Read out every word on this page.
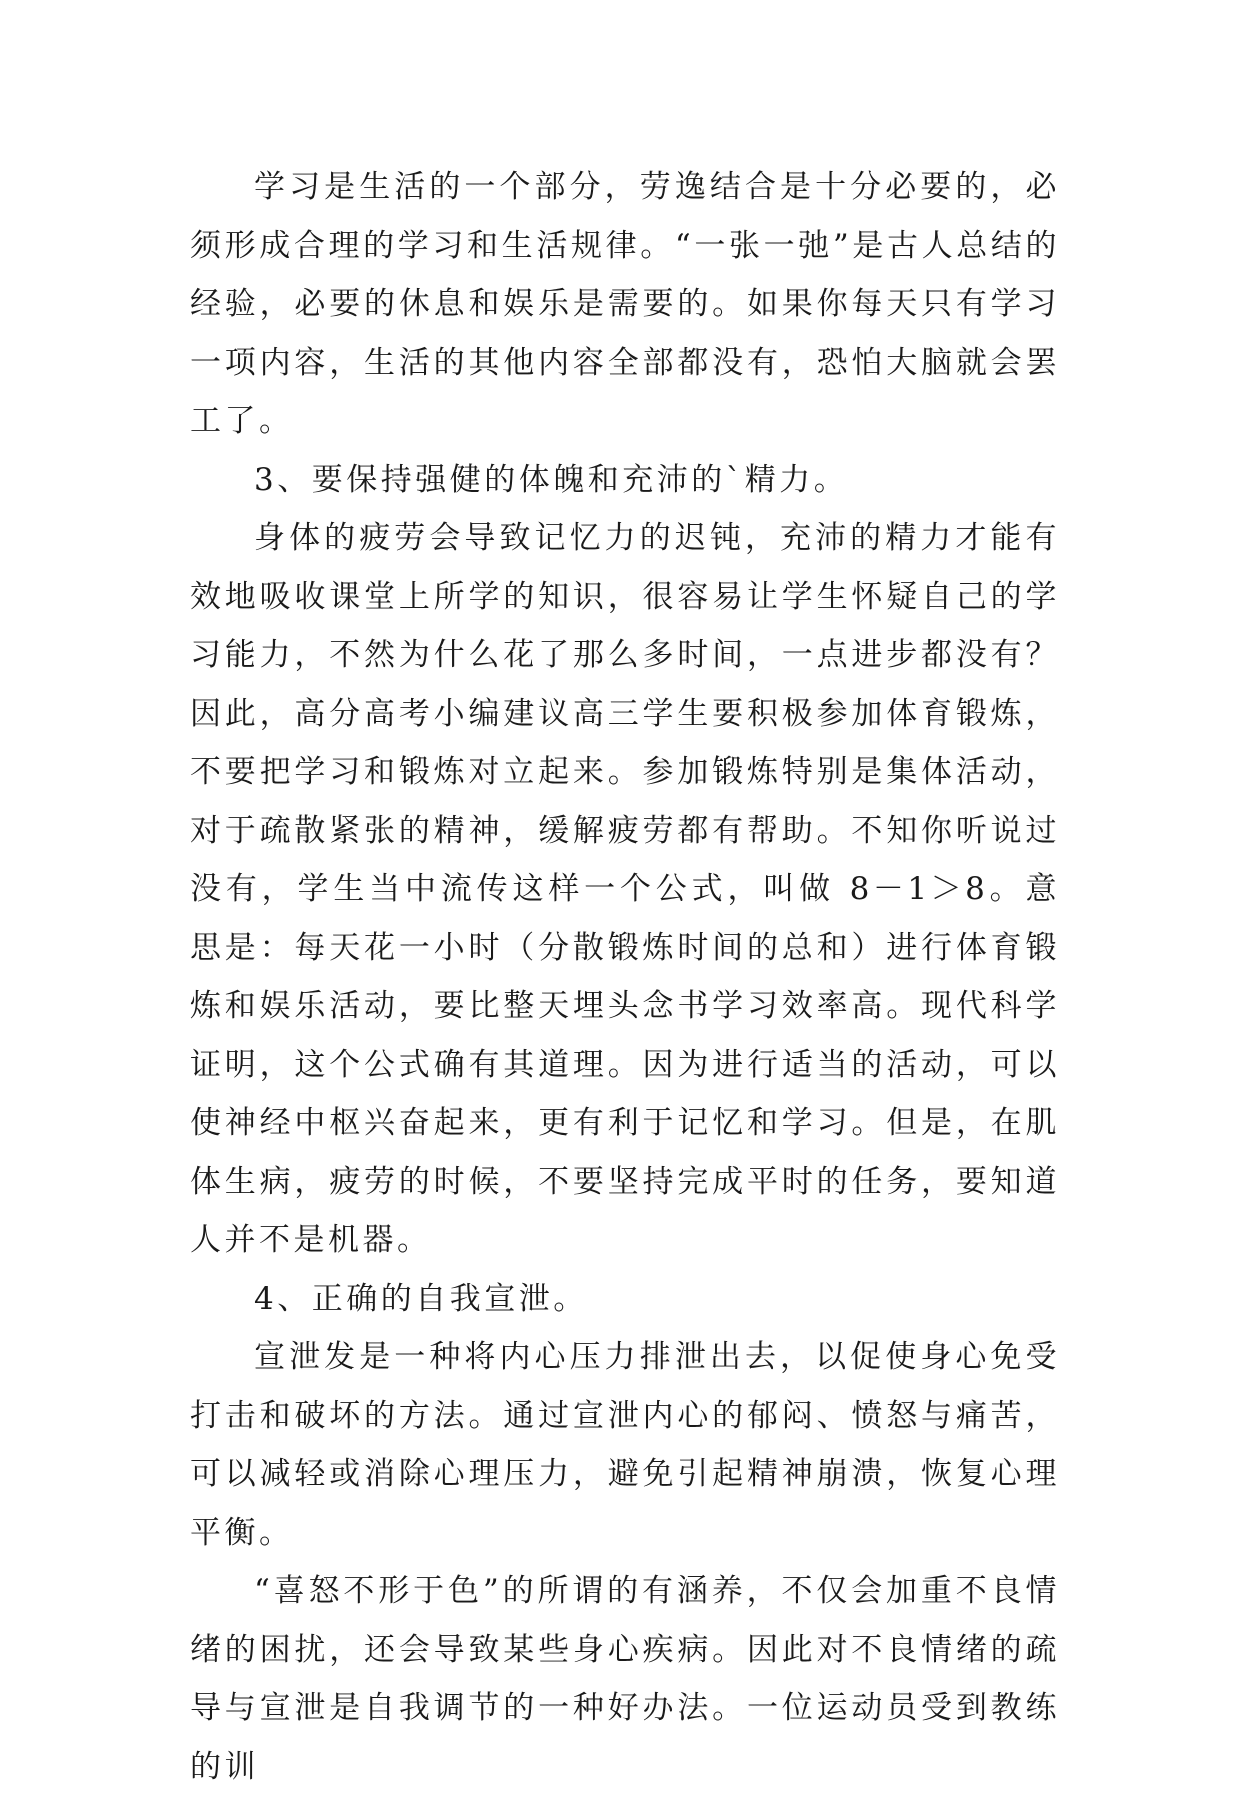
学习是生活的一个部分，劳逸结合是十分必要的，必须形成合理的学习和生活规律。“一张一弛”是古人总结的经验，必要的休息和娱乐是需要的。如果你每天只有学习一项内容，生活的其他内容全部都没有，恐怕大脑就会罢工了。

3、要保持强健的体魄和充沛的`精力。

身体的疲劳会导致记忆力的迟钝，充沛的精力才能有效地吸收课堂上所学的知识，很容易让学生怀疑自己的学习能力，不然为什么花了那么多时间，一点进步都没有？因此，高分高考小编建议高三学生要积极参加体育锻炼，不要把学习和锻炼对立起来。参加锻炼特别是集体活动，对于疏散紧张的精神，缓解疲劳都有帮助。不知你听说过没有，学生当中流传这样一个公式，叫做 8－1＞8。意思是：每天花一小时（分散锻炼时间的总和）进行体育锻炼和娱乐活动，要比整天埋头念书学习效率高。现代科学证明，这个公式确有其道理。因为进行适当的活动，可以使神经中枢兴奋起来，更有利于记忆和学习。但是，在肌体生病，疲劳的时候，不要坚持完成平时的任务，要知道人并不是机器。

4、正确的自我宣泄。

宣泄发是一种将内心压力排泄出去，以促使身心免受打击和破坏的方法。通过宣泄内心的郁闷、愤怒与痛苦，可以减轻或消除心理压力，避免引起精神崩溃，恢复心理平衡。

“喜怒不形于色”的所谓的有涵养，不仅会加重不良情绪的困扰，还会导致某些身心疾病。因此对不良情绪的疏导与宣泄是自我调节的一种好办法。一位运动员受到教练的训
